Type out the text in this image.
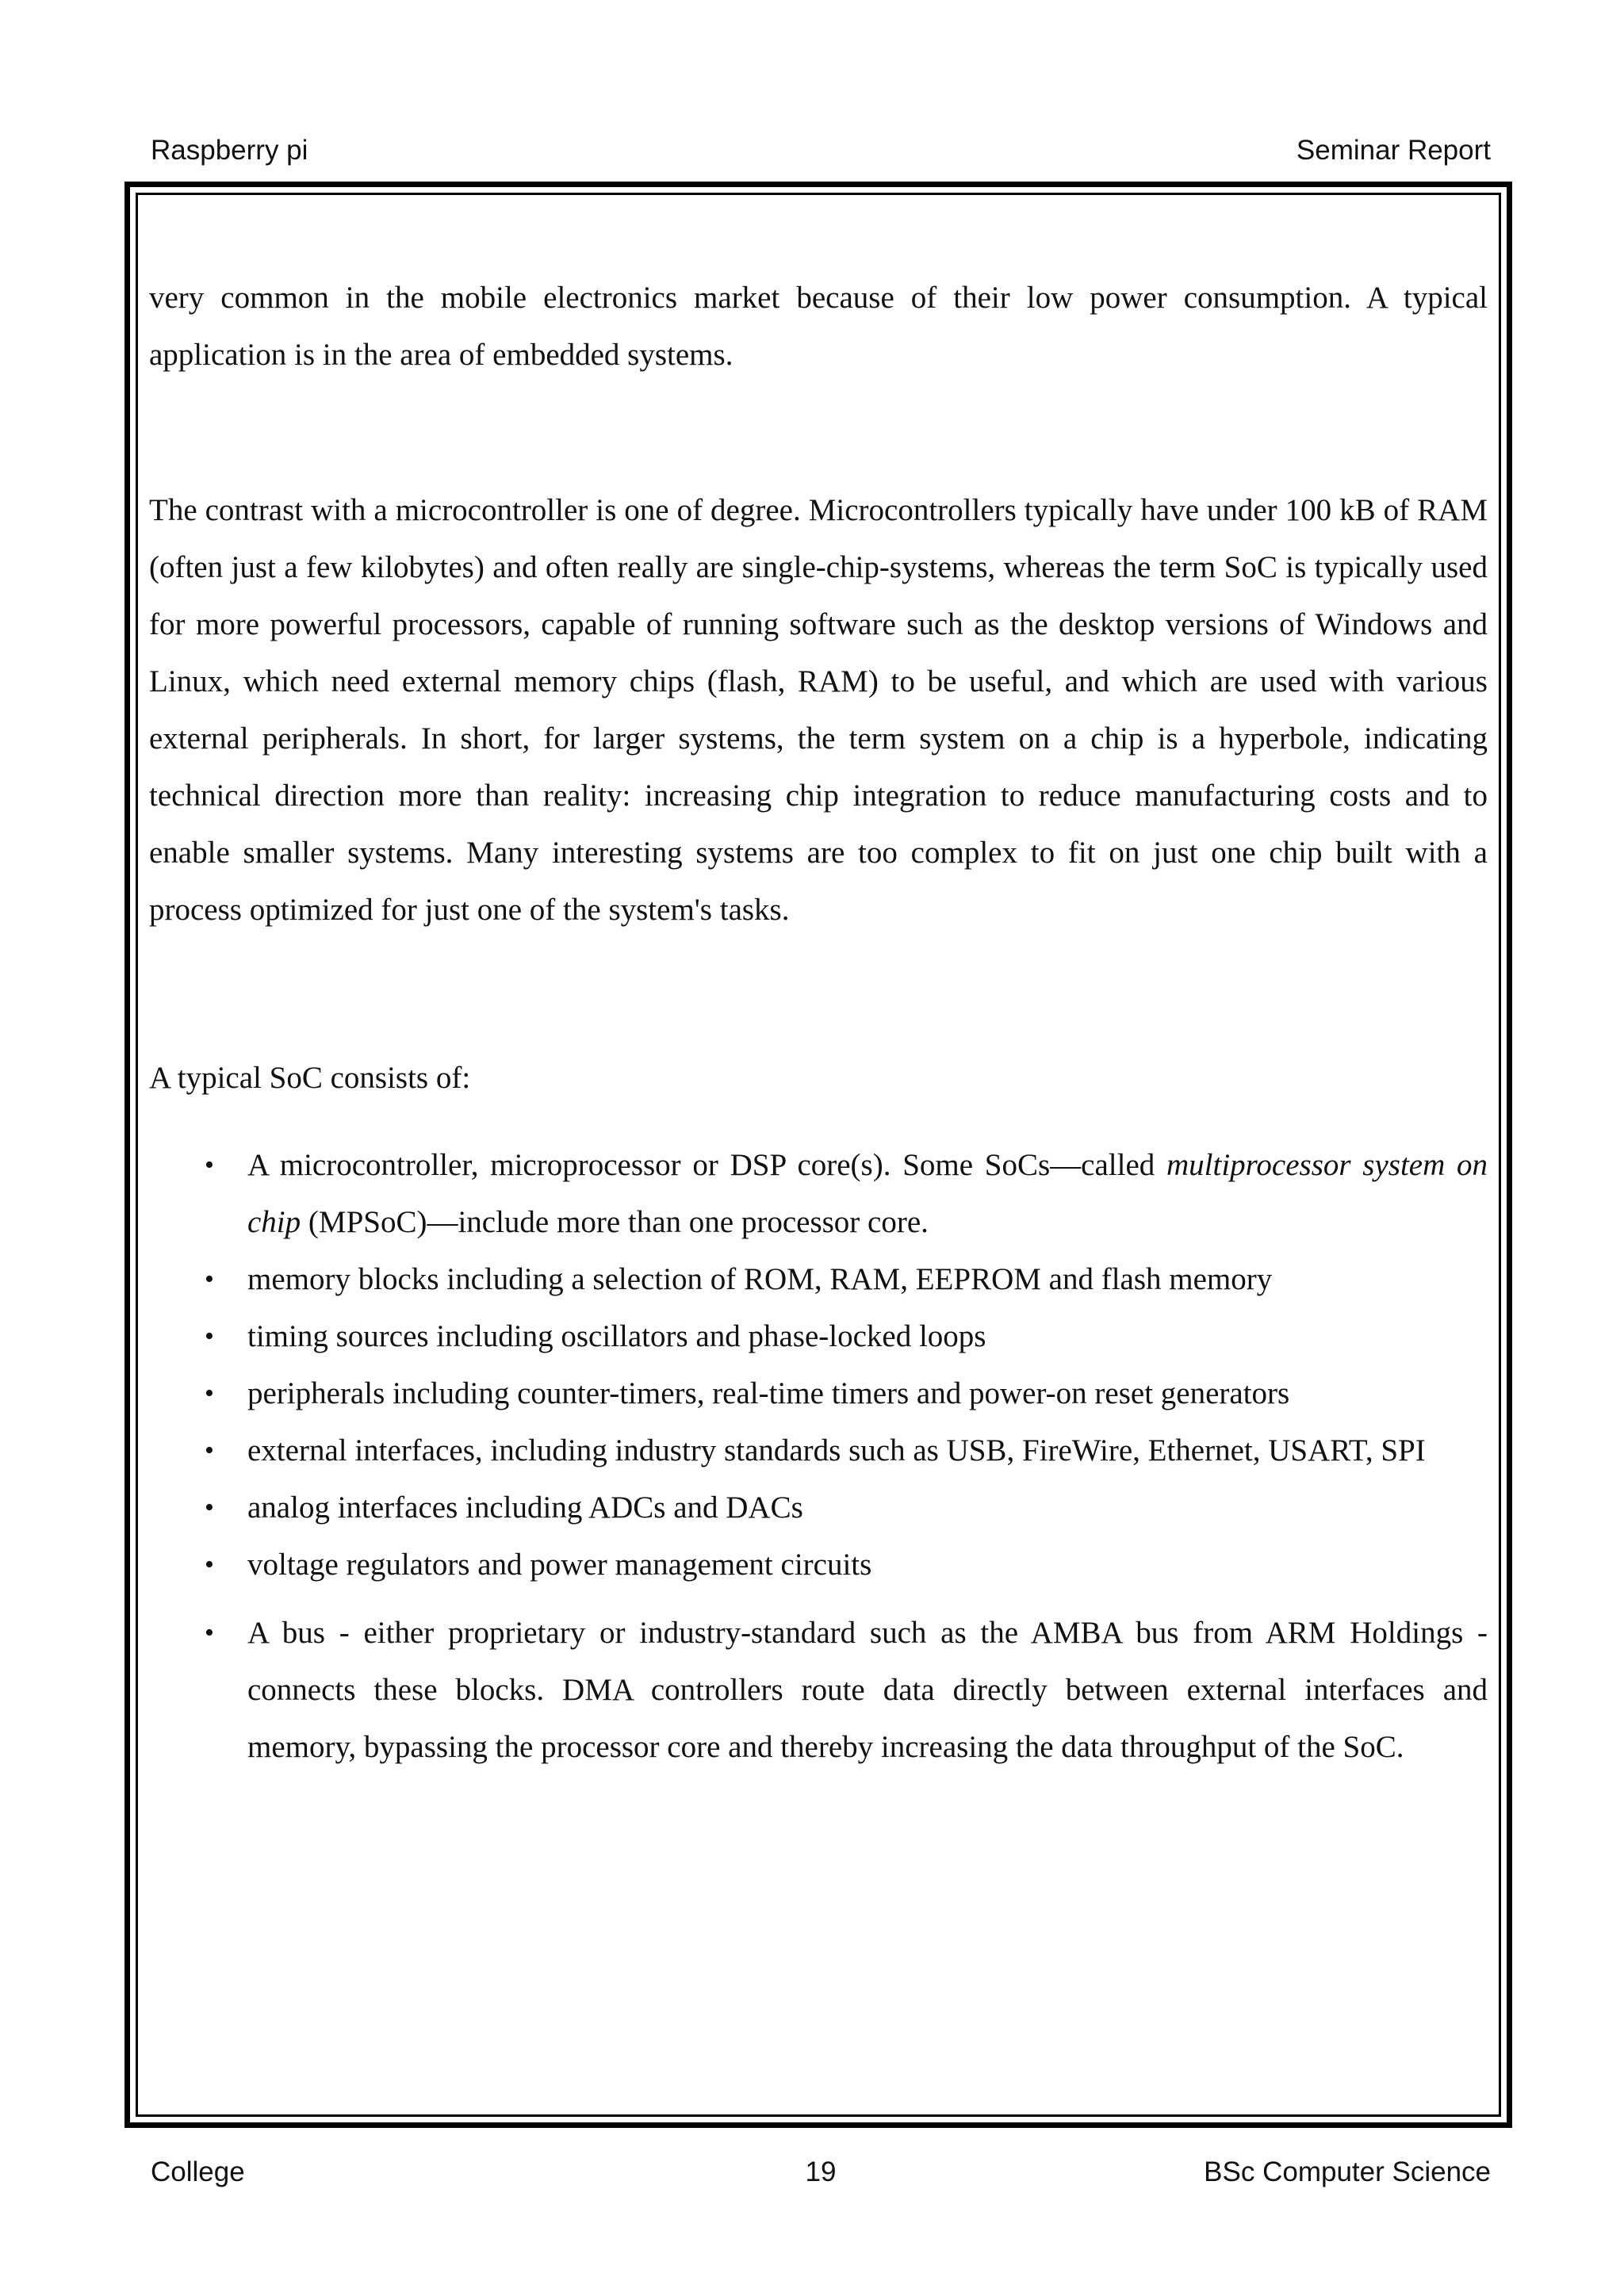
Raspberry pi	Seminar Report

very common in the mobile electronics market because of their low power consumption. A typical application is in the area of embedded systems.

The contrast with a microcontroller is one of degree. Microcontrollers typically have under 100 kB of RAM (often just a few kilobytes) and often really are single-chip-systems, whereas the term SoC is typically used for more powerful processors, capable of running software such as the desktop versions of Windows and Linux, which need external memory chips (flash, RAM) to be useful, and which are used with various external peripherals. In short, for larger systems, the term system on a chip is a hyperbole, indicating technical direction more than reality: increasing chip integration to reduce manufacturing costs and to enable smaller systems. Many interesting systems are too complex to fit on just one chip built with a process optimized for just one of the system's tasks.

A typical SoC consists of:

• A microcontroller, microprocessor or DSP core(s). Some SoCs—called multiprocessor system on chip (MPSoC)—include more than one processor core.
• memory blocks including a selection of ROM, RAM, EEPROM and flash memory
• timing sources including oscillators and phase-locked loops
• peripherals including counter-timers, real-time timers and power-on reset generators
• external interfaces, including industry standards such as USB, FireWire, Ethernet, USART, SPI
• analog interfaces including ADCs and DACs
• voltage regulators and power management circuits
• A bus - either proprietary or industry-standard such as the AMBA bus from ARM Holdings - connects these blocks. DMA controllers route data directly between external interfaces and memory, bypassing the processor core and thereby increasing the data throughput of the SoC.
College	19	BSc Computer Science
